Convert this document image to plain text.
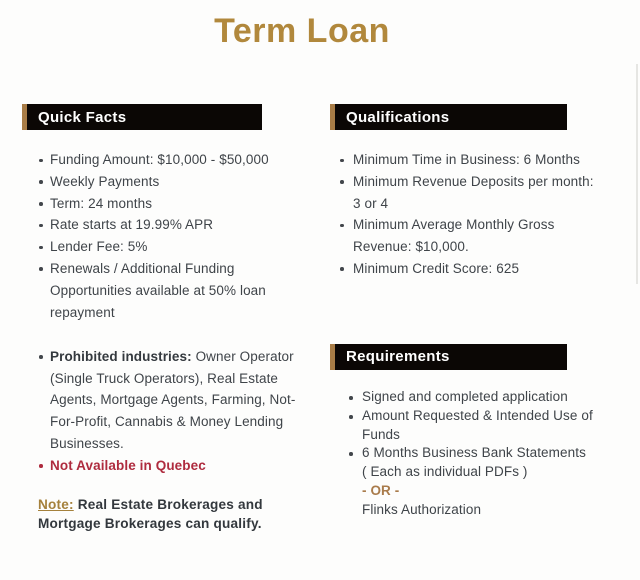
Term Loan
Quick Facts
Funding Amount: $10,000 - $50,000
Weekly Payments
Term: 24 months
Rate starts at 19.99% APR
Lender Fee: 5%
Renewals / Additional Funding
Opportunities available at 50% loan
repayment
Prohibited industries: Owner Operator
(Single Truck Operators), Real Estate
Agents, Mortgage Agents, Farming, Not-
For-Profit, Cannabis & Money Lending
Businesses.
Not Available in Quebec
Note: Real Estate Brokerages and
Mortgage Brokerages can qualify.
Qualifications
Minimum Time in Business: 6 Months
Minimum Revenue Deposits per month:
3 or 4
Minimum Average Monthly Gross
Revenue: $10,000.
Minimum Credit Score: 625
Requirements
Signed and completed application
Amount Requested & Intended Use of
Funds
6 Months Business Bank Statements
( Each as individual PDFs )
- OR -
Flinks Authorization
